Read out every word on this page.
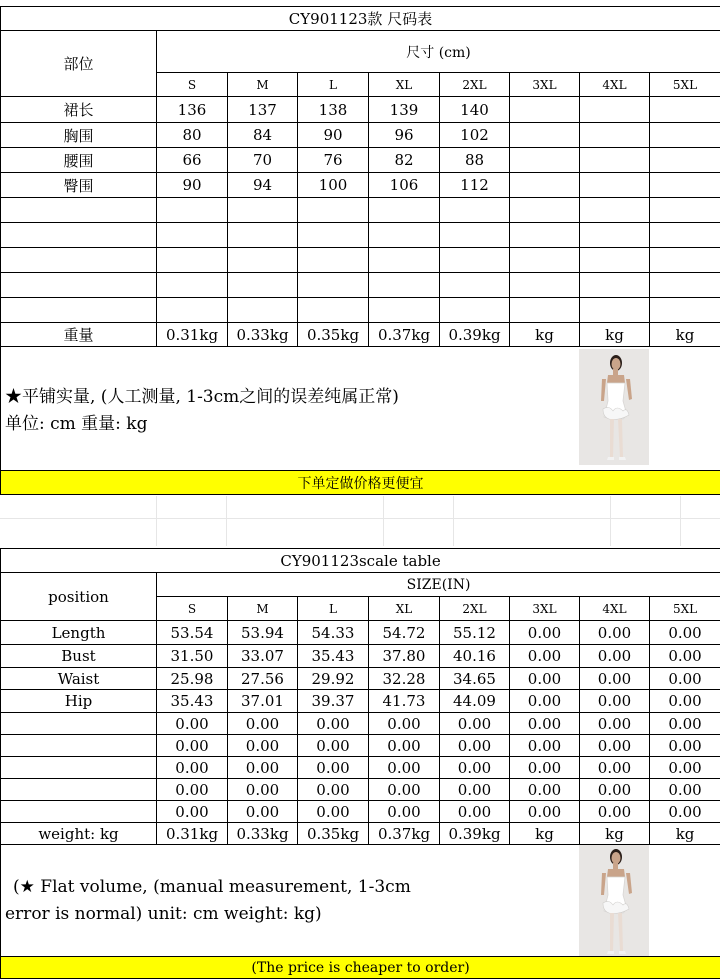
CY901123款 尺码表								
部位	尺寸 (cm)							
	S	M	L	XL	2XL	3XL	4XL	5XL
裙长	136	137	138	139	140			
胸围	80	84	90	96	102			
腰围	66	70	76	82	88			
臀围	90	94	100	106	112			

重量	0.31kg	0.33kg	0.35kg	0.37kg	0.39kg	kg	kg	kg

★平铺实量, (人工测量, 1-3cm之间的误差纯属正常)
单位: cm 重量: kg								

下单定做价格更便宜								
CY901123scale table								
position	SIZE(IN)							
	S	M	L	XL	2XL	3XL	4XL	5XL
Length	53.54	53.94	54.33	54.72	55.12	0.00	0.00	0.00
Bust	31.50	33.07	35.43	37.80	40.16	0.00	0.00	0.00
Waist	25.98	27.56	29.92	32.28	34.65	0.00	0.00	0.00
Hip	35.43	37.01	39.37	41.73	44.09	0.00	0.00	0.00
	0.00	0.00	0.00	0.00	0.00	0.00	0.00	0.00
	0.00	0.00	0.00	0.00	0.00	0.00	0.00	0.00
	0.00	0.00	0.00	0.00	0.00	0.00	0.00	0.00
	0.00	0.00	0.00	0.00	0.00	0.00	0.00	0.00
	0.00	0.00	0.00	0.00	0.00	0.00	0.00	0.00
weight: kg	0.31kg	0.33kg	0.35kg	0.37kg	0.39kg	kg	kg	kg

(★ Flat volume, (manual measurement, 1-3cm
error is normal) unit: cm weight: kg)								

(The price is cheaper to order)								
